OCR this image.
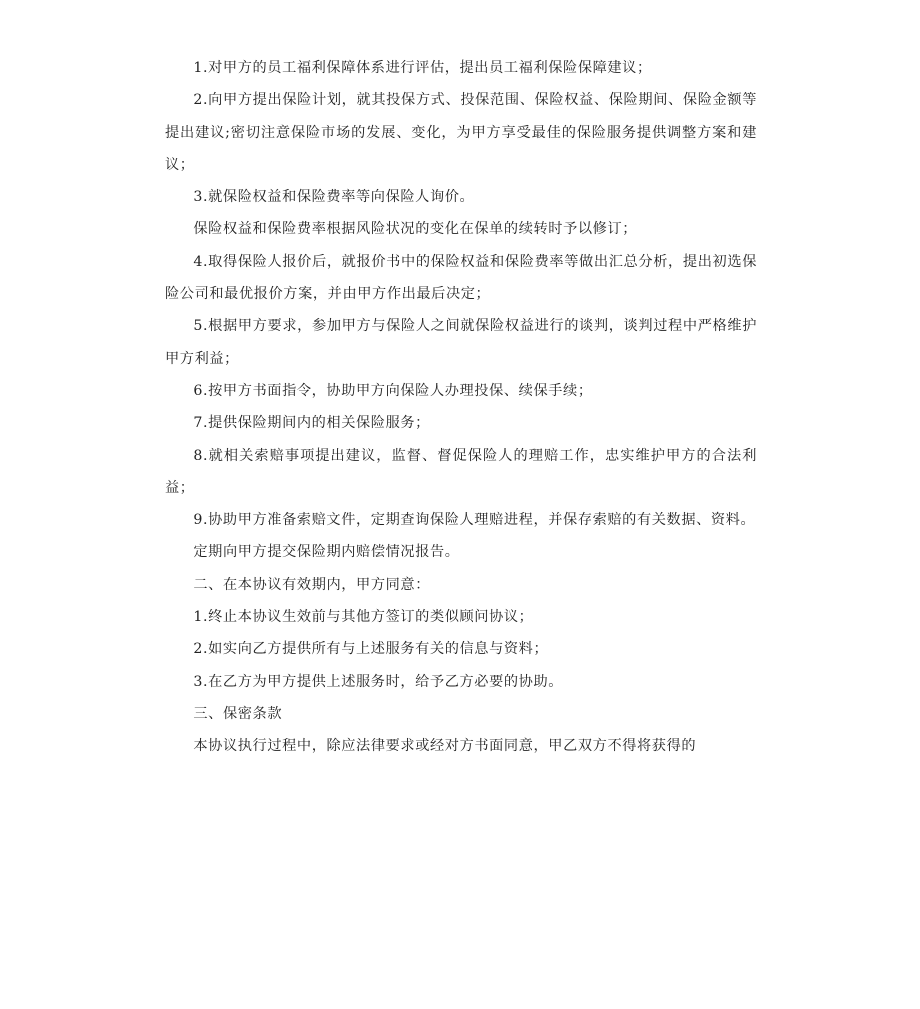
1.对甲方的员工福利保障体系进行评估，提出员工福利保险保障建议；

2.向甲方提出保险计划，就其投保方式、投保范围、保险权益、保险期间、保险金额等提出建议;密切注意保险市场的发展、变化，为甲方享受最佳的保险服务提供调整方案和建议；

3.就保险权益和保险费率等向保险人询价。

保险权益和保险费率根据风险状况的变化在保单的续转时予以修订；

4.取得保险人报价后，就报价书中的保险权益和保险费率等做出汇总分析，提出初选保险公司和最优报价方案，并由甲方作出最后决定；

5.根据甲方要求，参加甲方与保险人之间就保险权益进行的谈判，谈判过程中严格维护甲方利益；

6.按甲方书面指令，协助甲方向保险人办理投保、续保手续；

7.提供保险期间内的相关保险服务；

8.就相关索赔事项提出建议，监督、督促保险人的理赔工作，忠实维护甲方的合法利益；

9.协助甲方准备索赔文件，定期查询保险人理赔进程，并保存索赔的有关数据、资料。

定期向甲方提交保险期内赔偿情况报告。

二、在本协议有效期内，甲方同意：

1.终止本协议生效前与其他方签订的类似顾问协议；

2.如实向乙方提供所有与上述服务有关的信息与资料；

3.在乙方为甲方提供上述服务时，给予乙方必要的协助。

三、保密条款

本协议执行过程中，除应法律要求或经对方书面同意，甲乙双方不得将获得的
